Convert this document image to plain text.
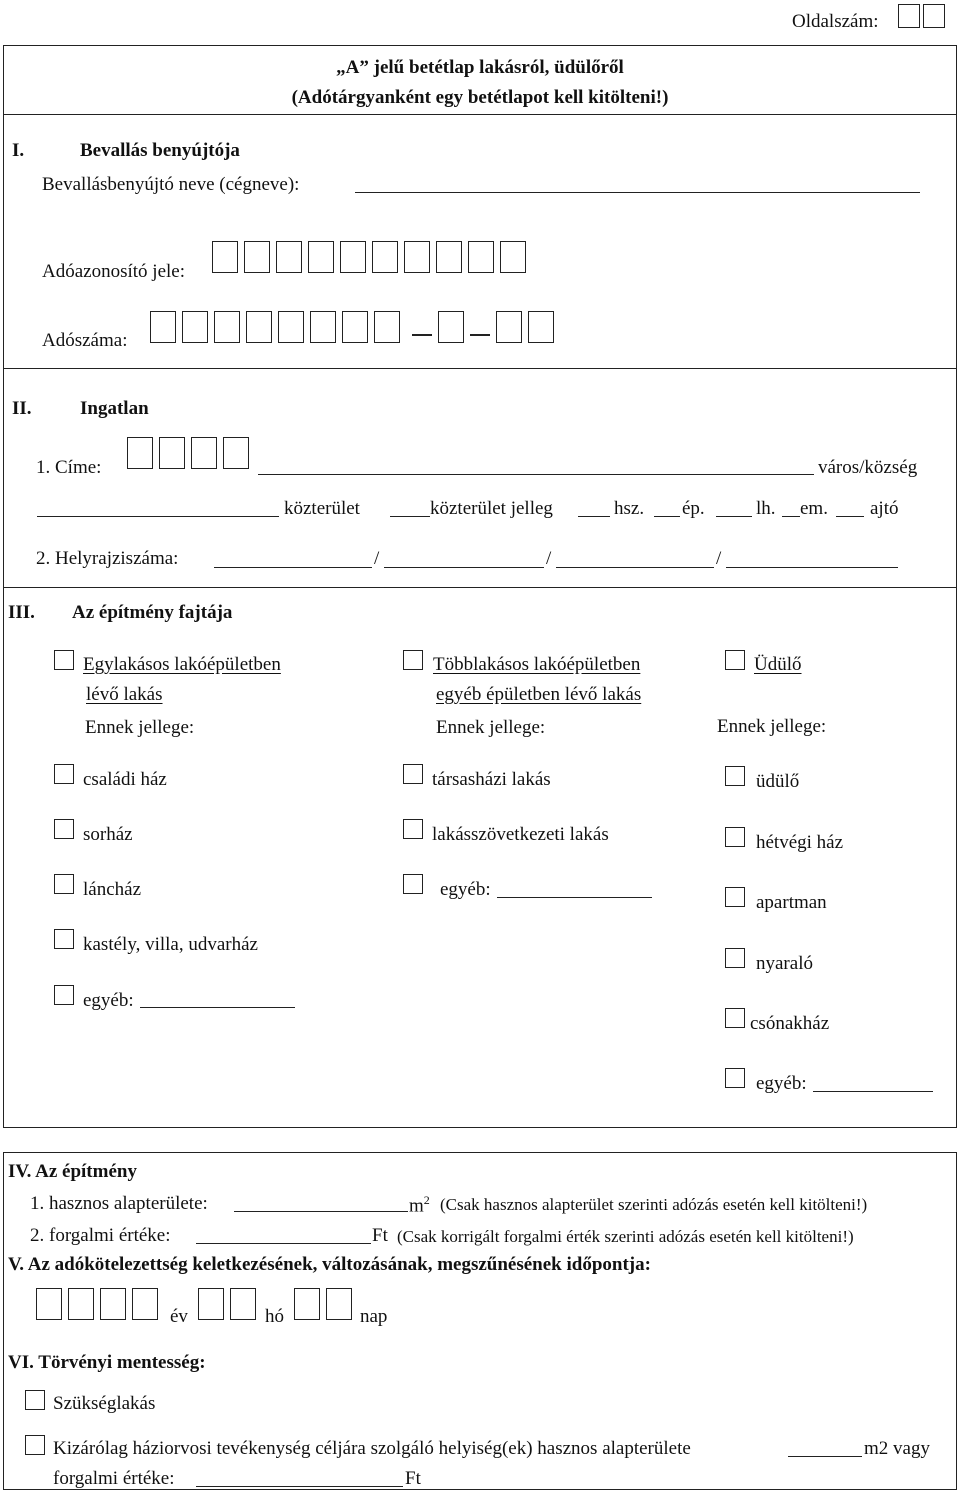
Oldalszám:
„A” jelű betétlap lakásról, üdülőről
(Adótárgyanként egy betétlapot kell kitölteni!)
I.	Bevallás benyújtója
Bevallásbenyújtó neve (cégneve):
Adóazonosító jele:
Adószáma:
II.	Ingatlan
1. Címe:	város/község
közterület	közterület jelleg	hsz. ép.	lh. em. ajtó
2. Helyrajziszáma:	/	/	/
III. Az építmény fajtája
Egylakásos lakóépületben
lévő lakás
Ennek jellege:
családi ház
sorház
láncház
kastély, villa, udvarház
egyéb:
Többlakásos lakóépületben
egyéb épületben lévő lakás
Ennek jellege:
társasházi lakás
lakásszövetkezeti lakás
egyéb:
Üdülő
Ennek jellege:
üdülő
hétvégi ház
apartman
nyaraló
csónakház
egyéb:
IV. Az építmény
1. hasznos alapterülete:	$m^2$ (Csak hasznos alapterület szerinti adózás esetén kell kitölteni!)
2. forgalmi értéke:	Ft (Csak korrigált forgalmi érték szerinti adózás esetén kell kitölteni!)
V. Az adókötelezettség keletkezésének, változásának, megszűnésének időpontja:
év	hó	nap
VI. Törvényi mentesség:
Szükséglakás
Kizárólag háziorvosi tevékenység céljára szolgáló helyiség(ek) hasznos alapterülete	m2 vagy
forgalmi értéke:	Ft
